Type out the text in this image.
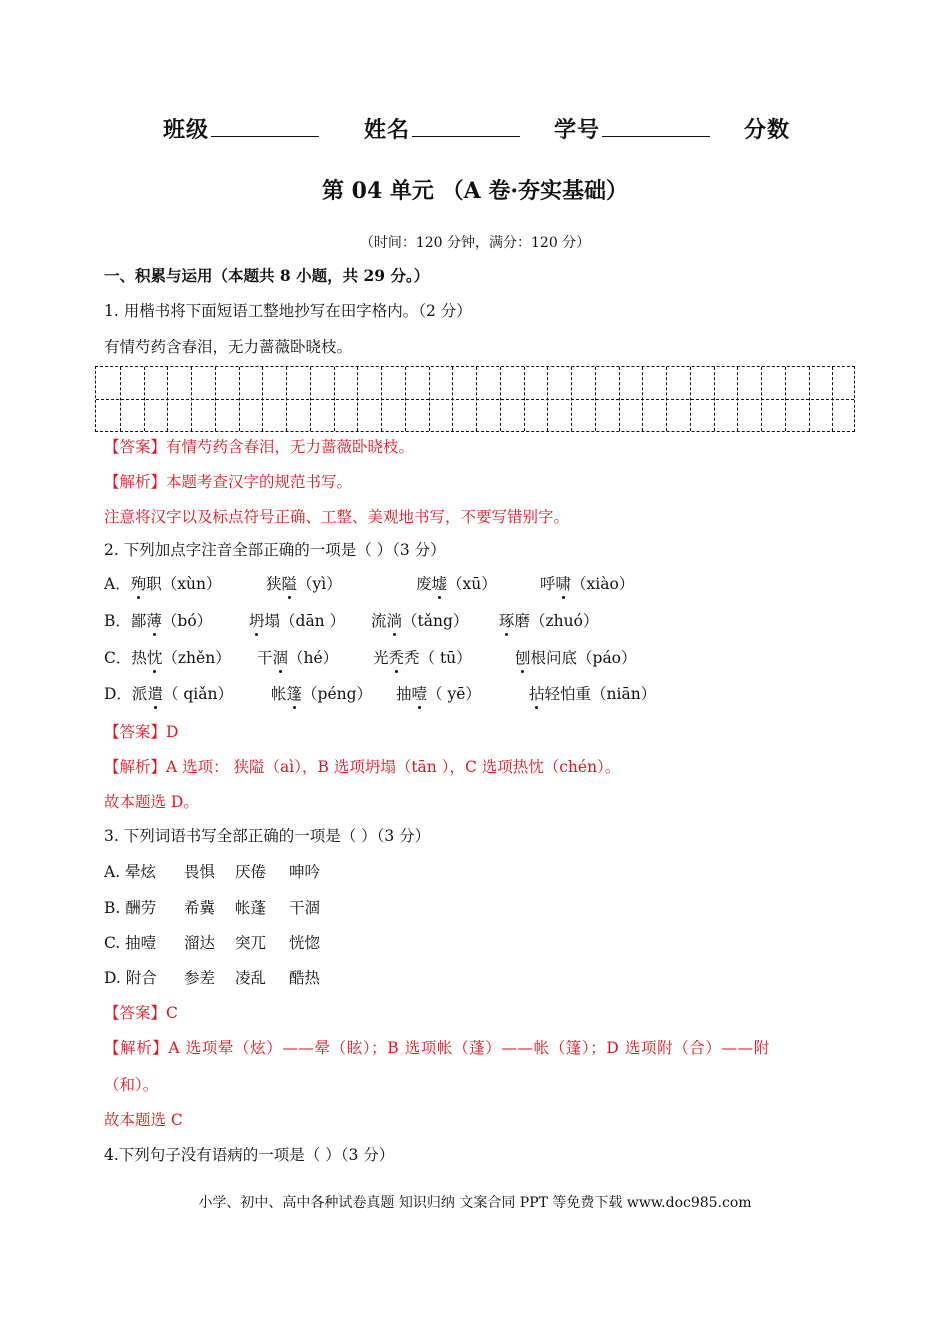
班级	姓名	学号	分数
第 04 单元 （A 卷·夯实基础）
（时间：120 分钟，满分：120 分）
一、积累与运用（本题共 8 小题，共 29 分。）
1. 用楷书将下面短语工整地抄写在田字格内。（2 分）
有情芍药含春泪，无力蔷薇卧晓枝。
【答案】有情芍药含春泪，无力蔷薇卧晓枝。
【解析】本题考查汉字的规范书写。
注意将汉字以及标点符号正确、工整、美观地书写，不要写错别字。
2. 下列加点字注音全部正确的一项是（ ）（3 分）
A．殉职（xùn）	狭隘（yì）	废墟（xū）	呼啸（xiào）
B．鄙薄（bó） 坍塌（dān ） 流淌（tǎng） 琢磨（zhuó）
C．热忱（zhěn） 干涸（hé） 光秃秃（ tū）	刨根问底（páo）
D．派遣（ qiǎn） 帐篷（péng） 抽噎（ yē）	拈轻怕重（niān）
【答案】D
【解析】A 选项： 狭隘（aì），B 选项坍塌（tān ），C 选项热忱（chén）。
故本题选 D。
3. 下列词语书写全部正确的一项是（ ）（3 分）
A. 晕炫 畏惧 厌倦 呻吟
B. 酬劳 希冀 帐蓬 干涸
C. 抽噎 溜达 突兀 恍惚
D. 附合 参差 凌乱 酷热
【答案】C
【解析】A 选项晕（炫）——晕（眩）；B 选项帐（蓬）——帐（篷）；D 选项附（合）——附
（和）。
故本题选 C
4.下列句子没有语病的一项是（ ）（3 分）
小学、初中、高中各种试卷真题 知识归纳 文案合同 PPT 等免费下载 www.doc985.com
